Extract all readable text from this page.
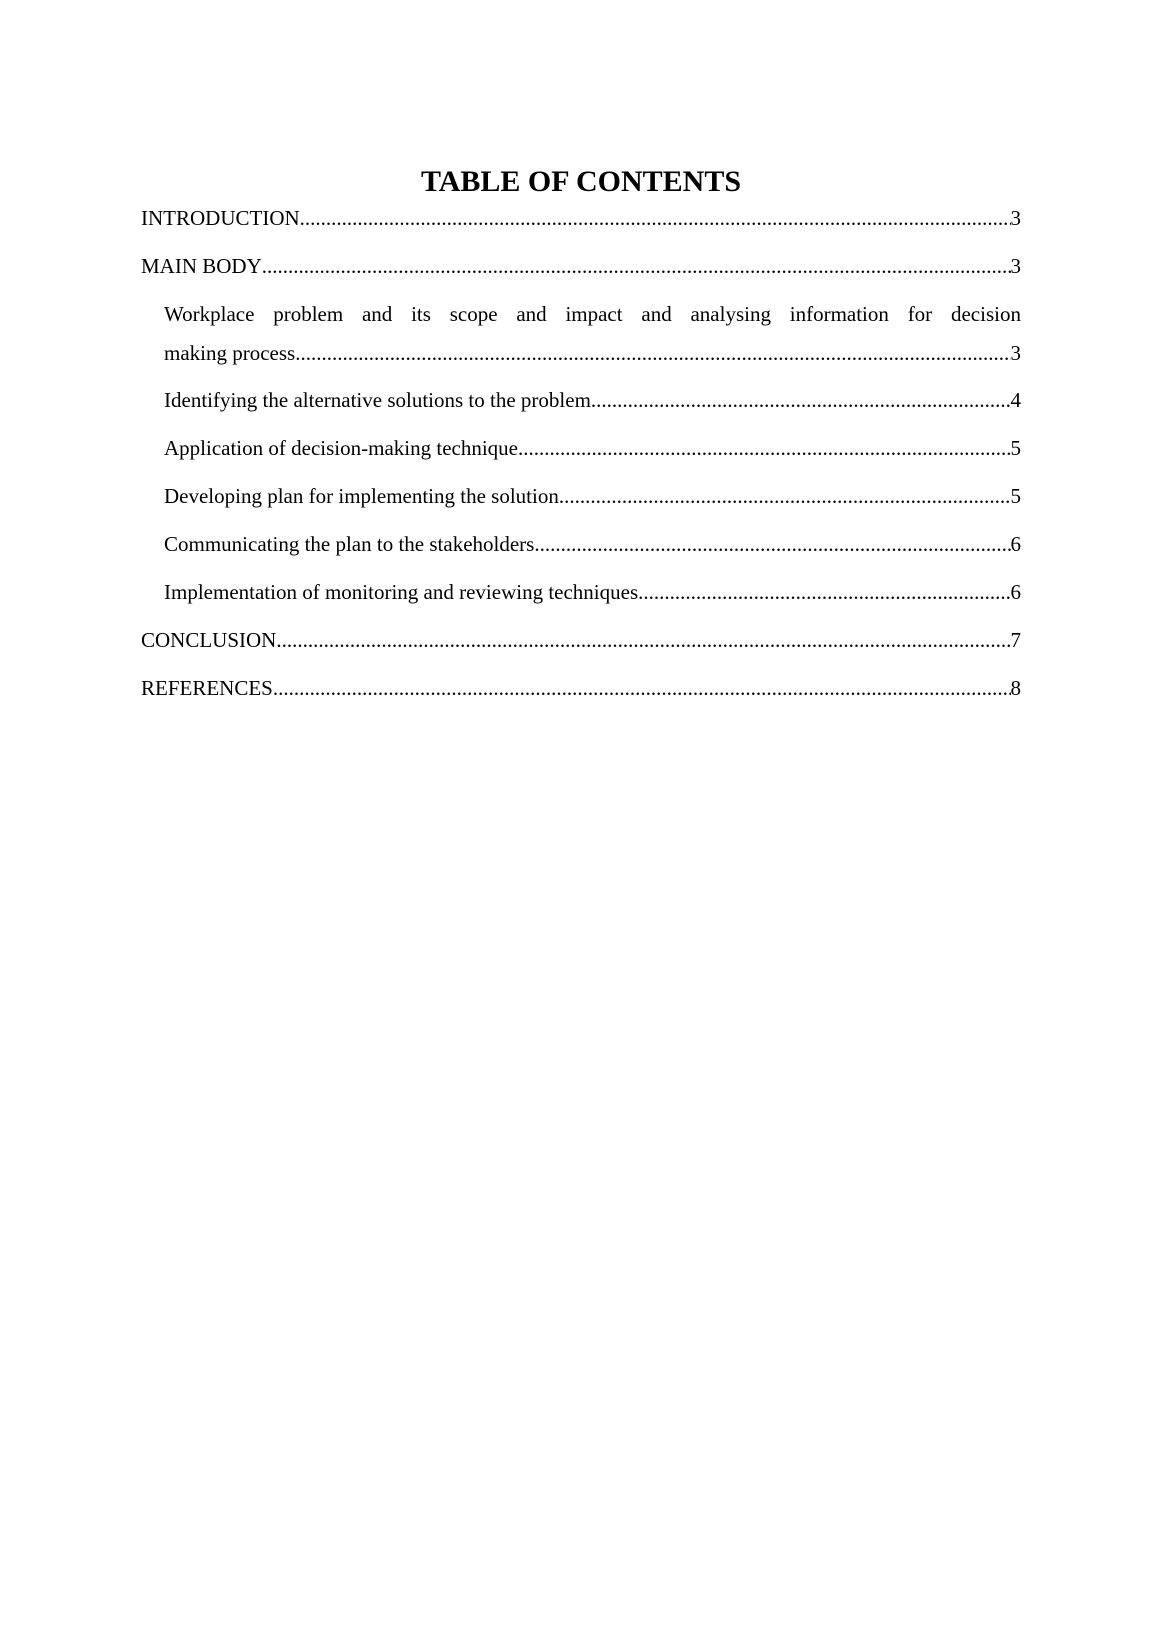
TABLE OF CONTENTS
INTRODUCTION .....	3
MAIN BODY .....	3
Workplace problem and its scope and impact and analysing information for decision
making process .....	3
Identifying the alternative solutions to the problem .....	4
Application of decision-making technique .....	5
Developing plan for implementing the solution .....	5
Communicating the plan to the stakeholders .....	6
Implementation of monitoring and reviewing techniques .....	6
CONCLUSION .....	7
REFERENCES .....	8
